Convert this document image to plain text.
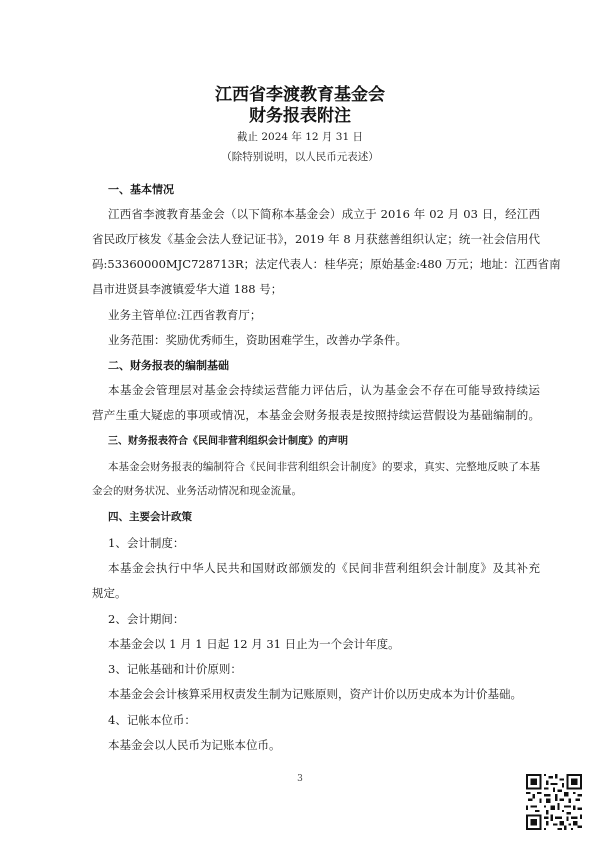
江西省李渡教育基金会
财务报表附注
截止 2024 年 12 月 31 日
（除特别说明，以人民币元表述）
一、基本情况
江西省李渡教育基金会（以下简称本基金会）成立于 2016 年 02 月 03 日，经江西
省民政厅核发《基金会法人登记证书》，2019 年 8 月获慈善组织认定；统一社会信用代
码:53360000MJC728713R；法定代表人：桂华亮；原始基金:480 万元；地址：江西省南
昌市进贤县李渡镇爱华大道 188 号；
业务主管单位:江西省教育厅；
业务范围：奖励优秀师生，资助困难学生，改善办学条件。
二、财务报表的编制基础
本基金会管理层对基金会持续运营能力评估后，认为基金会不存在可能导致持续运
营产生重大疑虑的事项或情况，本基金会财务报表是按照持续运营假设为基础编制的。
三、财务报表符合《民间非营利组织会计制度》的声明
本基金会财务报表的编制符合《民间非营利组织会计制度》的要求，真实、完整地反映了本基
金会的财务状况、业务活动情况和现金流量。
四、主要会计政策
1、会计制度：
本基金会执行中华人民共和国财政部颁发的《民间非营利组织会计制度》及其补充
规定。
2、会计期间：
本基金会以 1 月 1 日起 12 月 31 日止为一个会计年度。
3、记帐基础和计价原则：
本基金会会计核算采用权责发生制为记账原则，资产计价以历史成本为计价基础。
4、记帐本位币：
本基金会以人民币为记账本位币。
3
